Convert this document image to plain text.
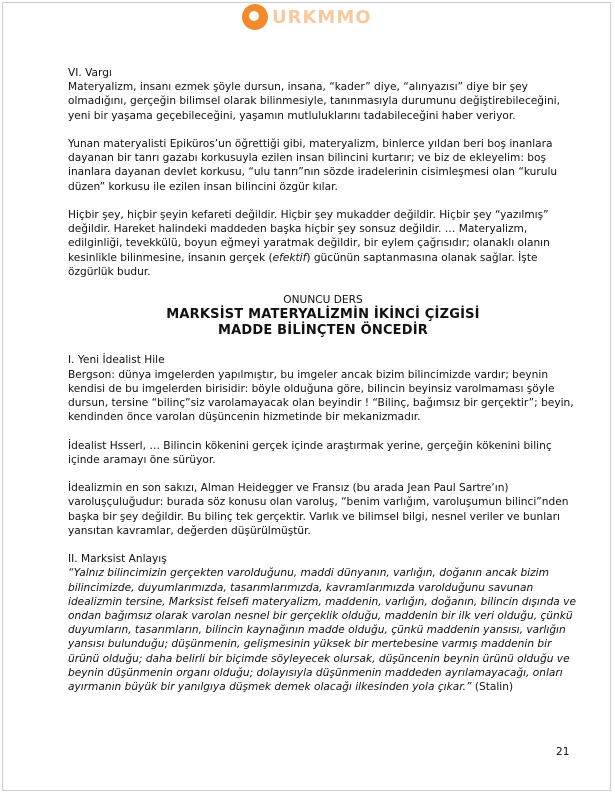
URKMMO

VI. Vargı

Materyalizm, insanı ezmek şöyle dursun, insana, “kader” diye, “alınyazısı” diye bir şey olmadığını, gerçeğin bilimsel olarak bilinmesiyle, tanınmasıyla durumunu değiştirebileceğini, yeni bir yaşama geçebileceğini, yaşamın mutluluklarını tadabileceğini haber veriyor.

Yunan materyalisti Epiküros’un öğrettiği gibi, materyalizm, binlerce yıldan beri boş inanlara dayanan bir tanrı gazabı korkusuyla ezilen insan bilincini kurtarır; ve biz de ekleyelim: boş inanlara dayanan devlet korkusu, “ulu tanrı”nın sözde iradelerinin cisimleşmesi olan “kurulu düzen” korkusu ile ezilen insan bilincini özgür kılar.

Hiçbir şey, hiçbir şeyin kefareti değildir. Hiçbir şey mukadder değildir. Hiçbir şey “yazılmış” değildir. Hareket halindeki maddeden başka hiçbir şey sonsuz değildir. … Materyalizm, edilginliği, tevekkülü, boyun eğmeyi yaratmak değildir, bir eylem çağrısıdır; olanaklı olanın kesinlikle bilinmesine, insanın gerçek (efektif) gücünün saptanmasına olanak sağlar. İşte özgürlük budur.

ONUNCU DERS

MARKSİST MATERYALİZMİN İKİNCİ ÇİZGİSİ

MADDE BİLİNÇTEN ÖNCEDİR

I. Yeni İdealist Hile

Bergson: dünya imgelerden yapılmıştır, bu imgeler ancak bizim bilincimizde vardır; beynin kendisi de bu imgelerden birisidir: böyle olduğuna göre, bilincin beyinsiz varolmaması şöyle dursun, tersine “bilinç”siz varolamayacak olan beyindir ! “Bilinç, bağımsız bir gerçektir”; beyin, kendinden önce varolan düşüncenin hizmetinde bir mekanizmadır.

İdealist Hsserl, … Bilincin kökenini gerçek içinde araştırmak yerine, gerçeğin kökenini bilinç içinde aramayı öne sürüyor.

İdealizmin en son sakızı, Alman Heidegger ve Fransız (bu arada Jean Paul Sartre’ın) varoluşçuluğudur: burada söz konusu olan varoluş, “benim varlığım, varoluşumun bilinci”nden başka bir şey değildir. Bu bilinç tek gerçektir. Varlık ve bilimsel bilgi, nesnel veriler ve bunları yansıtan kavramlar, değerden düşürülmüştür.

II. Marksist Anlayış

“Yalnız bilincimizin gerçekten varolduğunu, maddi dünyanın, varlığın, doğanın ancak bizim bilincimizde, duyumlarımızda, tasarımlarımızda, kavramlarımızda varolduğunu savunan idealizmin tersine, Marksist felsefi materyalizm, maddenin, varlığın, doğanın, bilincin dışında ve ondan bağımsız olarak varolan nesnel bir gerçeklik olduğu, maddenin bir ilk veri olduğu, çünkü duyumların, tasarımların, bilincin kaynağının madde olduğu, çünkü maddenin yansısı, varlığın yansısı bulunduğu; düşünmenin, gelişmesinin yüksek bir mertebesine varmış maddenin bir ürünü olduğu; daha belirli bir biçimde söyleyecek olursak, düşüncenin beynin ürünü olduğu ve beynin düşünmenin organı olduğu; dolayısıyla düşünmenin maddeden ayrılamayacağı, onları ayırmanın büyük bir yanılgıya düşmek demek olacağı ilkesinden yola çıkar.” (Stalin)

21
